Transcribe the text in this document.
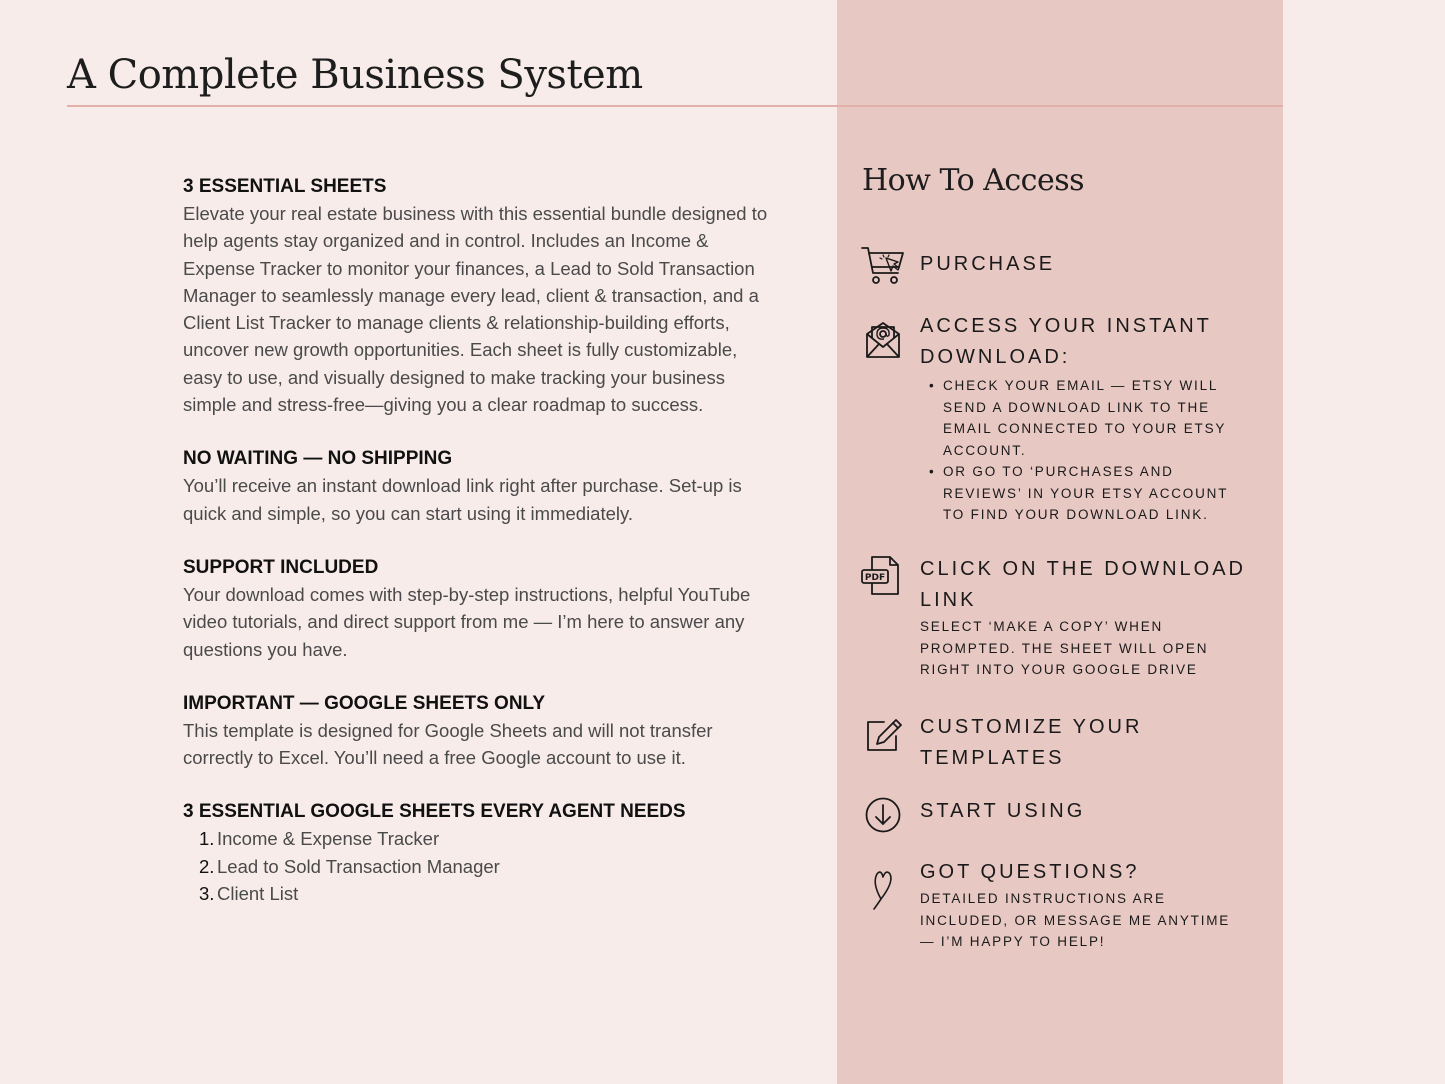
A Complete Business System
3 ESSENTIAL SHEETS
Elevate your real estate business with this essential bundle designed to help agents stay organized and in control. Includes an Income & Expense Tracker to monitor your finances, a Lead to Sold Transaction Manager to seamlessly manage every lead, client & transaction, and a Client List Tracker to manage clients & relationship-building efforts, uncover new growth opportunities. Each sheet is fully customizable, easy to use, and visually designed to make tracking your business simple and stress-free—giving you a clear roadmap to success.
NO WAITING — NO SHIPPING
You’ll receive an instant download link right after purchase. Set-up is quick and simple, so you can start using it immediately.
SUPPORT INCLUDED
Your download comes with step-by-step instructions, helpful YouTube video tutorials, and direct support from me — I’m here to answer any questions you have.
IMPORTANT — GOOGLE SHEETS ONLY
This template is designed for Google Sheets and will not transfer correctly to Excel. You’ll need a free Google account to use it.
3 ESSENTIAL GOOGLE SHEETS EVERY AGENT NEEDS
1. Income & Expense Tracker
2. Lead to Sold Transaction Manager
3. Client List
How To Access
PURCHASE
ACCESS YOUR INSTANT DOWNLOAD:
• CHECK YOUR EMAIL — ETSY WILL SEND A DOWNLOAD LINK TO THE EMAIL CONNECTED TO YOUR ETSY ACCOUNT.
• OR GO TO ‘PURCHASES AND REVIEWS’ IN YOUR ETSY ACCOUNT TO FIND YOUR DOWNLOAD LINK.
PDF CLICK ON THE DOWNLOAD LINK
SELECT ‘MAKE A COPY’ WHEN PROMPTED. THE SHEET WILL OPEN RIGHT INTO YOUR GOOGLE DRIVE
CUSTOMIZE YOUR TEMPLATES
START USING
GOT QUESTIONS?
DETAILED INSTRUCTIONS ARE INCLUDED, OR MESSAGE ME ANYTIME — I’M HAPPY TO HELP!
